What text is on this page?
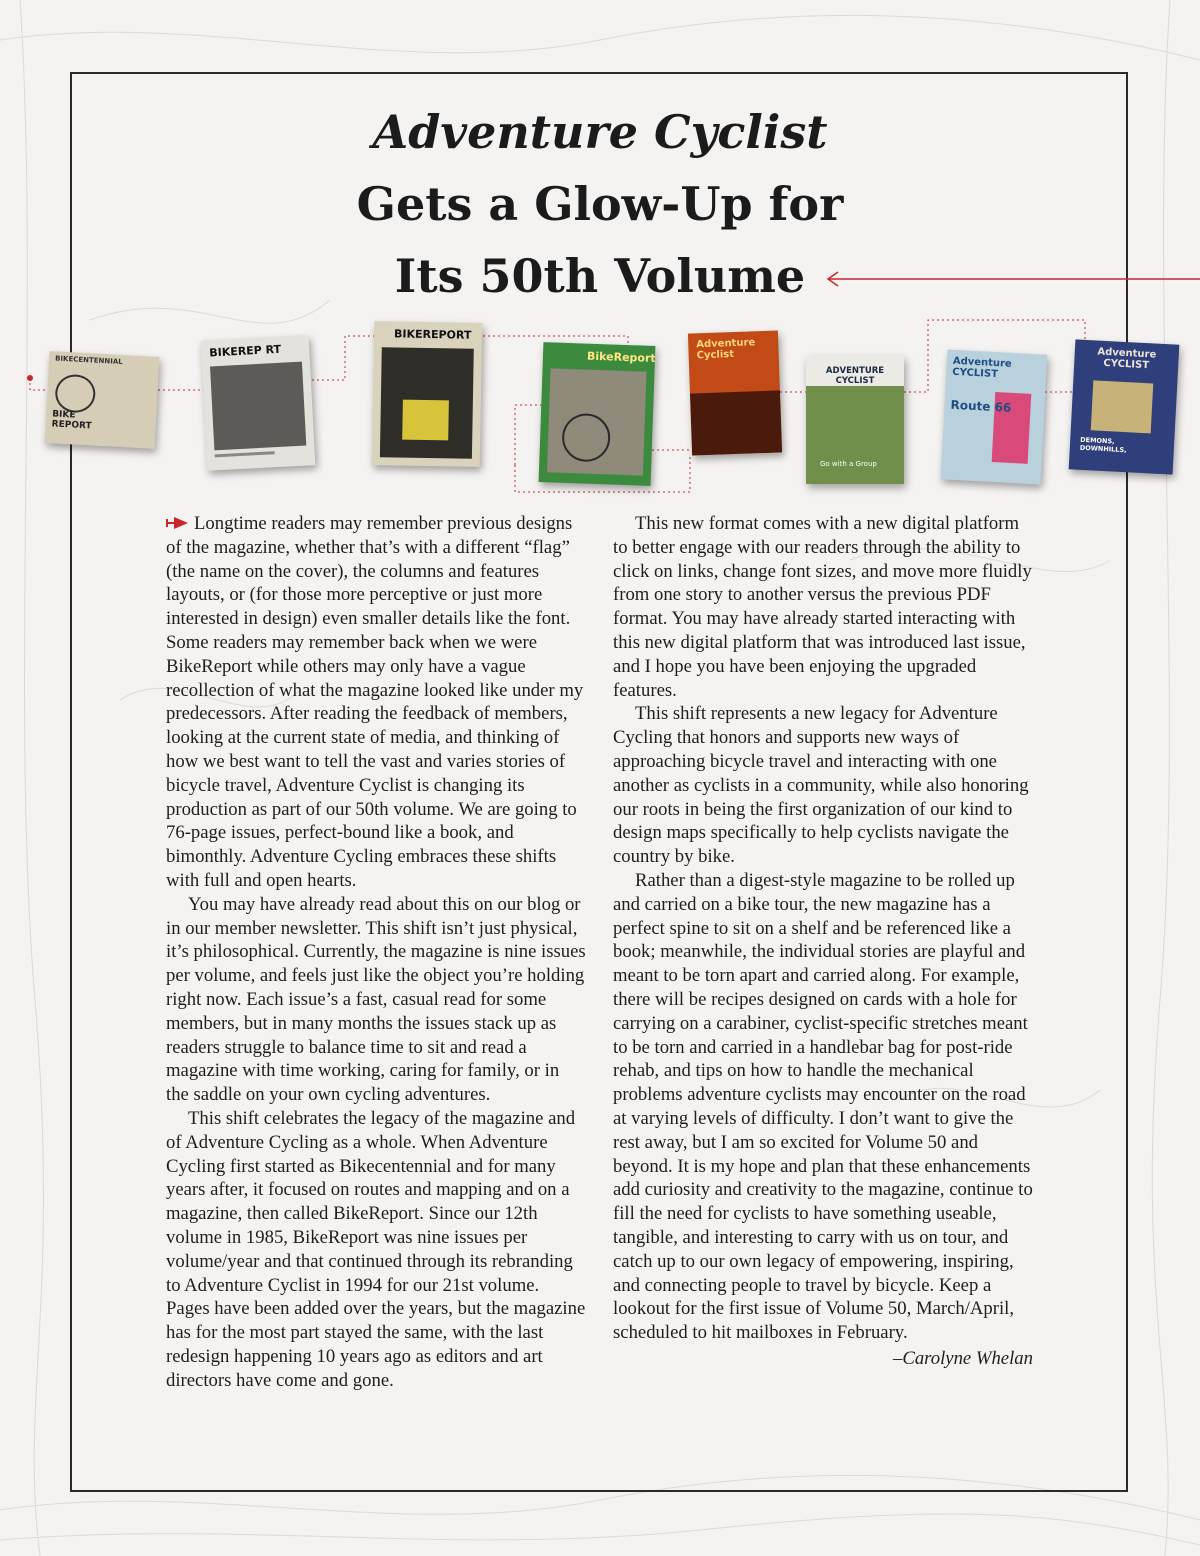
Adventure Cyclist
Gets a Glow-Up for
Its 50th Volume
BIKECENTENNIAL
BIKE REPORT
BIKEREP RT
BIKEREPORT
BikeReport
Adventure Cyclist
ADVENTURE CYCLIST
Go with a Group
Adventure CYCLIST
Route 66
Adventure CYCLIST
DEMONS, DOWNHILLS,

Longtime readers may remember previous designs of the magazine, whether that’s with a different “flag” (the name on the cover), the columns and features layouts, or (for those more perceptive or just more interested in design) even smaller details like the font. Some readers may remember back when we were BikeReport while others may only have a vague recollection of what the magazine looked like under my predecessors. After reading the feedback of members, looking at the current state of media, and thinking of how we best want to tell the vast and varies stories of bicycle travel, Adventure Cyclist is changing its production as part of our 50th volume. We are going to 76-page issues, perfect-bound like a book, and bimonthly. Adventure Cycling embraces these shifts with full and open hearts.

You may have already read about this on our blog or in our member newsletter. This shift isn’t just physical, it’s philosophical. Currently, the magazine is nine issues per volume, and feels just like the object you’re holding right now. Each issue’s a fast, casual read for some members, but in many months the issues stack up as readers struggle to balance time to sit and read a magazine with time working, caring for family, or in the saddle on your own cycling adventures.

This shift celebrates the legacy of the magazine and of Adventure Cycling as a whole. When Adventure Cycling first started as Bikecentennial and for many years after, it focused on routes and mapping and on a magazine, then called BikeReport. Since our 12th volume in 1985, BikeReport was nine issues per volume/year and that continued through its rebranding to Adventure Cyclist in 1994 for our 21st volume. Pages have been added over the years, but the magazine has for the most part stayed the same, with the last redesign happening 10 years ago as editors and art directors have come and gone.

This new format comes with a new digital platform to better engage with our readers through the ability to click on links, change font sizes, and move more fluidly from one story to another versus the previous PDF format. You may have already started interacting with this new digital platform that was introduced last issue, and I hope you have been enjoying the upgraded features.

This shift represents a new legacy for Adventure Cycling that honors and supports new ways of approaching bicycle travel and interacting with one another as cyclists in a community, while also honoring our roots in being the first organization of our kind to design maps specifically to help cyclists navigate the country by bike.

Rather than a digest-style magazine to be rolled up and carried on a bike tour, the new magazine has a perfect spine to sit on a shelf and be referenced like a book; meanwhile, the individual stories are playful and meant to be torn apart and carried along. For example, there will be recipes designed on cards with a hole for carrying on a carabiner, cyclist-specific stretches meant to be torn and carried in a handlebar bag for post-ride rehab, and tips on how to handle the mechanical problems adventure cyclists may encounter on the road at varying levels of difficulty. I don’t want to give the rest away, but I am so excited for Volume 50 and beyond. It is my hope and plan that these enhancements add curiosity and creativity to the magazine, continue to fill the need for cyclists to have something useable, tangible, and interesting to carry with us on tour, and catch up to our own legacy of empowering, inspiring, and connecting people to travel by bicycle. Keep a lookout for the first issue of Volume 50, March/April, scheduled to hit mailboxes in February.

–Carolyne Whelan
